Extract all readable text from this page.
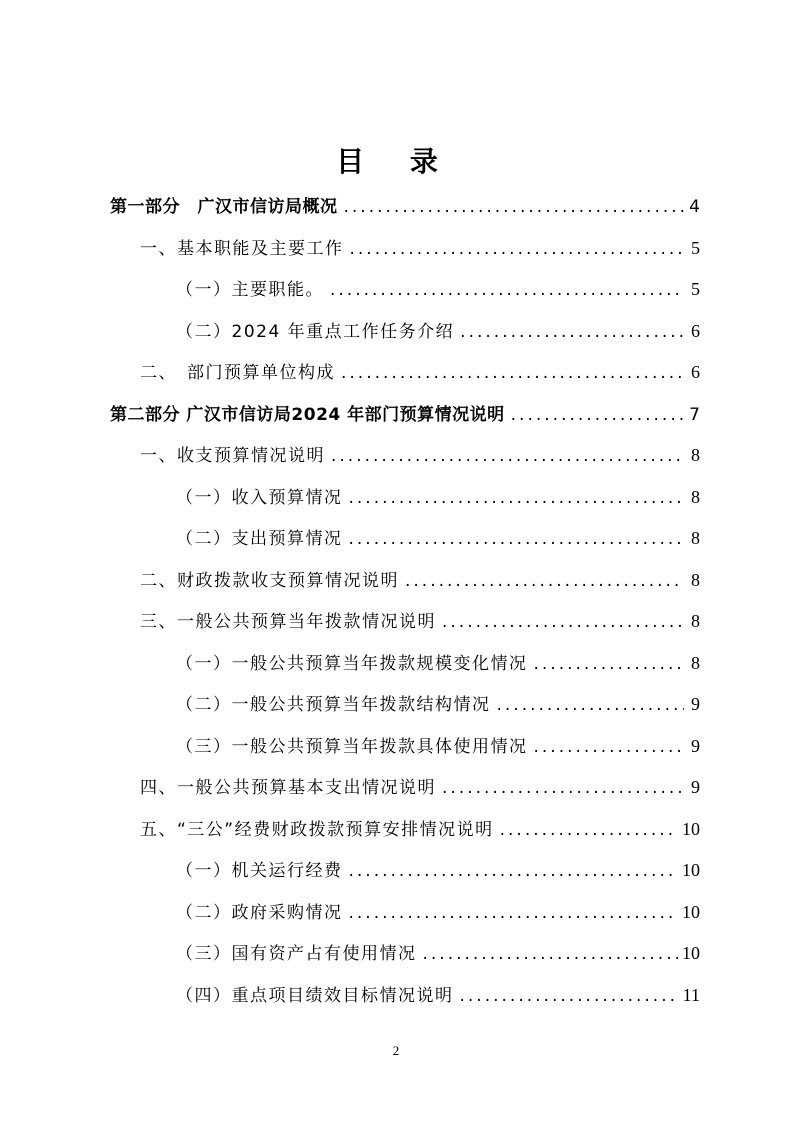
目 录
第一部分　广汉市信访局概况 .....	4
一、基本职能及主要工作 .....	5
（一）主要职能。 .....	5
（二）2024 年重点工作任务介绍 .....	6
二、　部门预算单位构成 .....	6
第二部分 广汉市信访局2024 年部门预算情况说明 .....	7
一、收支预算情况说明 .....	8
（一）收入预算情况 .....	8
（二）支出预算情况 .....	8
二、财政拨款收支预算情况说明 .....	8
三、一般公共预算当年拨款情况说明 .....	8
（一）一般公共预算当年拨款规模变化情况 .....	8
（二）一般公共预算当年拨款结构情况 .....	9
（三）一般公共预算当年拨款具体使用情况 .....	9
四、一般公共预算基本支出情况说明 .....	9
五、“三公”经费财政拨款预算安排情况说明 .....	10
（一）机关运行经费 .....	10
（二）政府采购情况 .....	10
（三）国有资产占有使用情况 .....	10
（四）重点项目绩效目标情况说明 .....	11
2
